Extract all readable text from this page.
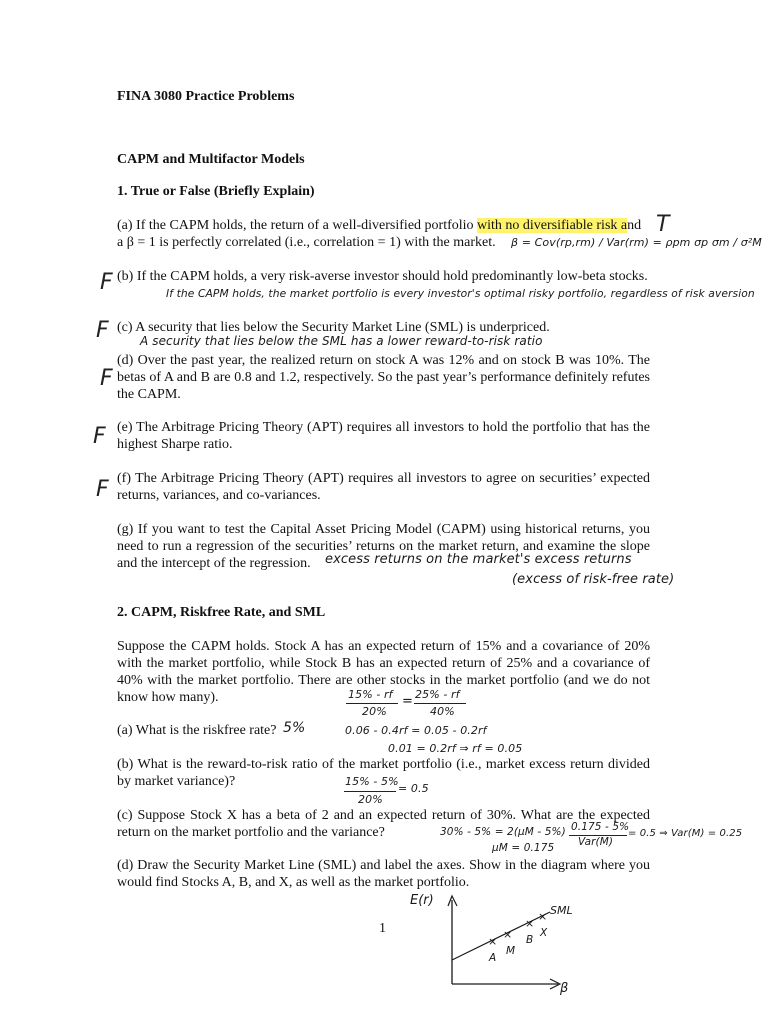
FINA 3080 Practice Problems

CAPM and Multifactor Models

1. True or False (Briefly Explain)

(a) If the CAPM holds, the return of a well-diversified portfolio with no diversifiable risk and
a β = 1 is perfectly correlated (i.e., correlation = 1) with the market.

(b) If the CAPM holds, a very risk-averse investor should hold predominantly low-beta stocks.

(c) A security that lies below the Security Market Line (SML) is underpriced.

(d) Over the past year, the realized return on stock A was 12% and on stock B was 10%. The betas of A and B are 0.8 and 1.2, respectively. So the past year’s performance definitely refutes the CAPM.

(e) The Arbitrage Pricing Theory (APT) requires all investors to hold the portfolio that has the highest Sharpe ratio.

(f) The Arbitrage Pricing Theory (APT) requires all investors to agree on securities’ expected returns, variances, and co-variances.

(g) If you want to test the Capital Asset Pricing Model (CAPM) using historical returns, you need to run a regression of the securities’ returns on the market return, and examine the slope and the intercept of the regression.

2. CAPM, Riskfree Rate, and SML

Suppose the CAPM holds. Stock A has an expected return of 15% and a covariance of 20% with the market portfolio, while Stock B has an expected return of 25% and a covariance of 40% with the market portfolio. There are other stocks in the market portfolio (and we do not know how many).

(a) What is the riskfree rate?

(b) What is the reward-to-risk ratio of the market portfolio (i.e., market excess return divided by market variance)?

(c) Suppose Stock X has a beta of 2 and an expected return of 30%. What are the expected return on the market portfolio and the variance?

(d) Draw the Security Market Line (SML) and label the axes. Show in the diagram where you would find Stocks A, B, and X, as well as the market portfolio.

1

T
F
F
F
F
F
β = Cov(rp,rm) / Var(rm) = ρpm σp σm / σ²M
If the CAPM holds, the market portfolio is every investor's optimal risky portfolio, regardless of risk aversion
A security that lies below the SML has a lower reward-to-risk ratio
excess returns on the market's excess returns
(excess of risk-free rate)
15% - rf
20%
= 25% - rf
40%
5%	0.06 - 0.4rf = 0.05 - 0.2rf
0.01 = 0.2rf ⇒ rf = 0.05
15% - 5%
20%
= 0.5
30% - 5% = 2(μM - 5%)
μM = 0.175
0.175 - 5%
Var(M)
= 0.5 ⇒ Var(M) = 0.25
E(r)
β
SML
×
×
×
×
A
M
B
X
